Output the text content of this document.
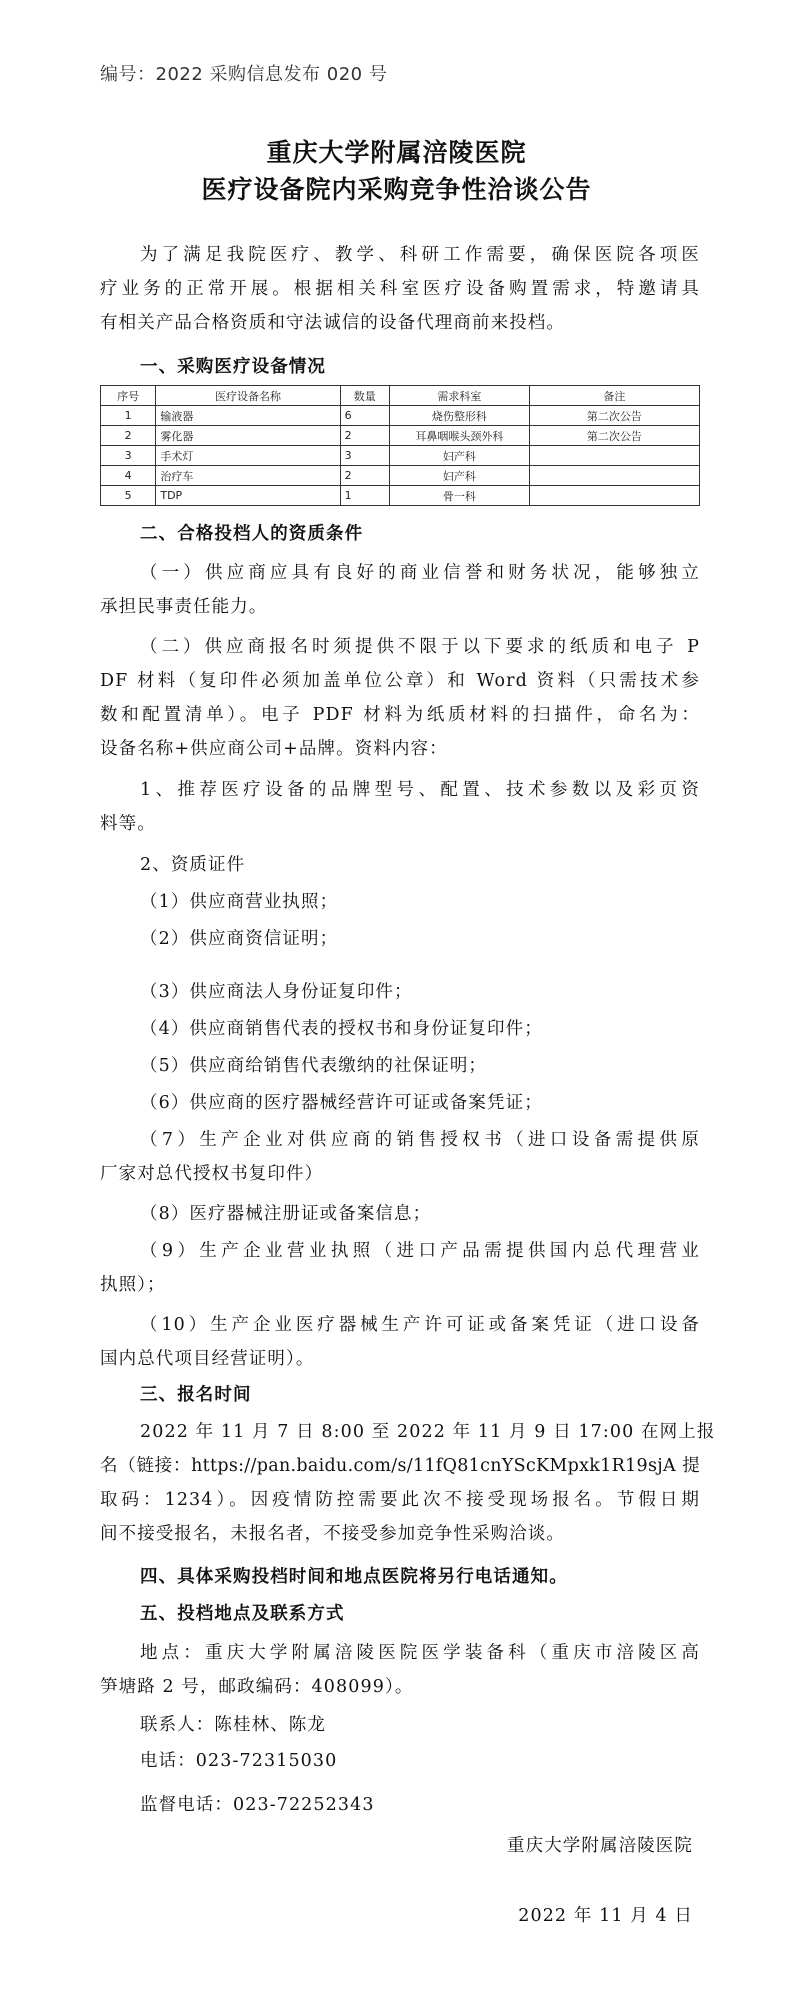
编号：2022 采购信息发布 020 号
重庆大学附属涪陵医院
医疗设备院内采购竞争性洽谈公告
为了满足我院医疗、教学、科研工作需要，确保医院各项医
疗业务的正常开展。根据相关科室医疗设备购置需求，特邀请具
有相关产品合格资质和守法诚信的设备代理商前来投档。
一、采购医疗设备情况
序号	医疗设备名称	数量	需求科室	备注
1	输液器	6	烧伤整形科	第二次公告
2	雾化器	2	耳鼻咽喉头颈外科	第二次公告
3	手术灯	3	妇产科	
4	治疗车	2	妇产科	
5	TDP	1	骨一科	
二、合格投档人的资质条件
（一）供应商应具有良好的商业信誉和财务状况，能够独立
承担民事责任能力。
（二）供应商报名时须提供不限于以下要求的纸质和电子 P
DF 材料（复印件必须加盖单位公章）和 Word 资料（只需技术参
数和配置清单）。电子 PDF 材料为纸质材料的扫描件，命名为：
设备名称+供应商公司+品牌。资料内容：
1、推荐医疗设备的品牌型号、配置、技术参数以及彩页资
料等。
2、资质证件
（1）供应商营业执照；
（2）供应商资信证明；
（3）供应商法人身份证复印件；
（4）供应商销售代表的授权书和身份证复印件；
（5）供应商给销售代表缴纳的社保证明；
（6）供应商的医疗器械经营许可证或备案凭证；
（7）生产企业对供应商的销售授权书（进口设备需提供原
厂家对总代授权书复印件）
（8）医疗器械注册证或备案信息；
（9）生产企业营业执照（进口产品需提供国内总代理营业
执照）；
（10）生产企业医疗器械生产许可证或备案凭证（进口设备
国内总代项目经营证明）。
三、报名时间
2022 年 11 月 7 日 8:00 至 2022 年 11 月 9 日 17:00 在网上报
名（链接：https://pan.baidu.com/s/11fQ81cnYScKMpxk1R19sjA 提
取码：1234）。因疫情防控需要此次不接受现场报名。节假日期
间不接受报名，未报名者，不接受参加竞争性采购洽谈。
四、具体采购投档时间和地点医院将另行电话通知。
五、投档地点及联系方式
地点：重庆大学附属涪陵医院医学装备科（重庆市涪陵区高
笋塘路 2 号，邮政编码：408099）。
联系人：陈桂林、陈龙
电话：023-72315030
监督电话：023-72252343
重庆大学附属涪陵医院
2022 年 11 月 4 日
